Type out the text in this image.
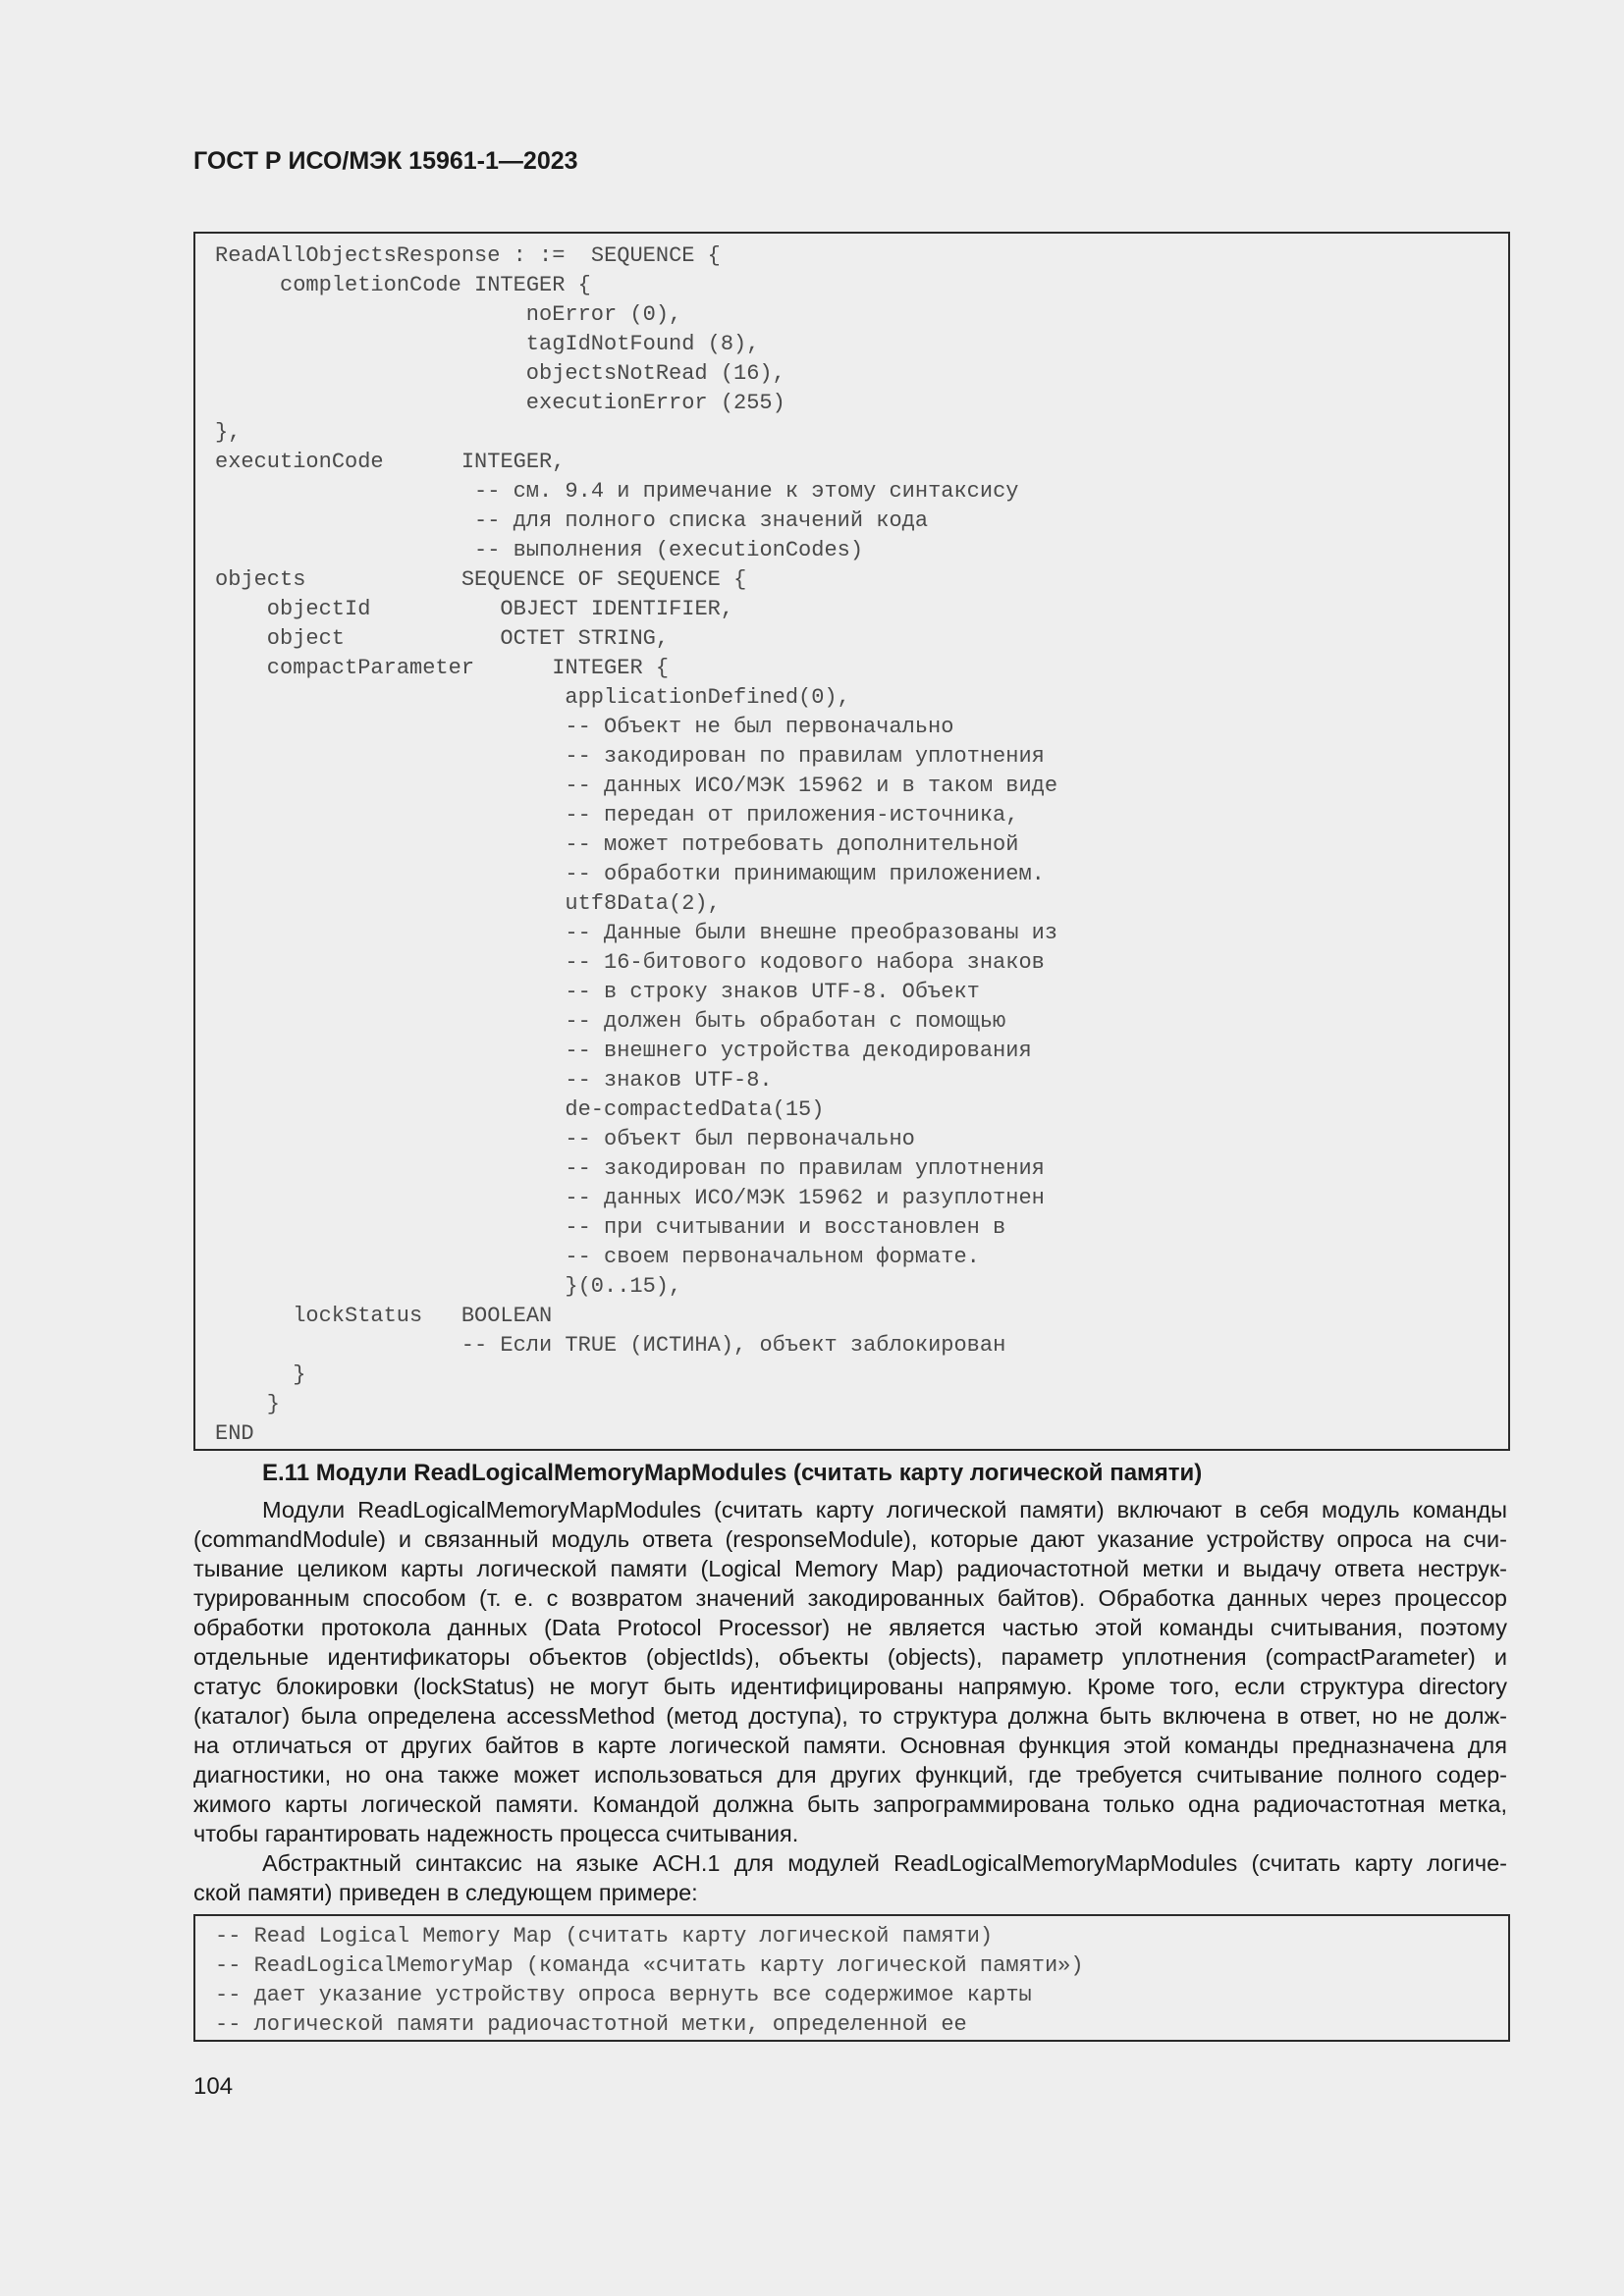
ГОСТ Р ИСО/МЭК 15961-1—2023
ReadAllObjectsResponse : :=  SEQUENCE {
completionCode INTEGER {
noError (0),
tagIdNotFound (8),
objectsNotRead (16),
executionError (255)
},
executionCode      INTEGER,
-- см. 9.4 и примечание к этому синтаксису
-- для полного списка значений кода
-- выполнения (executionCodes)
objects            SEQUENCE OF SEQUENCE {
objectId          OBJECT IDENTIFIER,
object            OCTET STRING,
compactParameter      INTEGER {
applicationDefined(0),
-- Объект не был первоначально
-- закодирован по правилам уплотнения
-- данных ИСО/МЭК 15962 и в таком виде
-- передан от приложения-источника,
-- может потребовать дополнительной
-- обработки принимающим приложением.
utf8Data(2),
-- Данные были внешне преобразованы из
-- 16-битового кодового набора знаков
-- в строку знаков UTF-8. Объект
-- должен быть обработан с помощью
-- внешнего устройства декодирования
-- знаков UTF-8.
de-compactedData(15)
-- объект был первоначально
-- закодирован по правилам уплотнения
-- данных ИСО/МЭК 15962 и разуплотнен
-- при считывании и восстановлен в
-- своем первоначальном формате.
}(0..15),
lockStatus   BOOLEAN
-- Если TRUE (ИСТИНА), объект заблокирован
}
}
END
E.11 Модули ReadLogicalMemoryMapModules (считать карту логической памяти)
Модули ReadLogicalMemoryMapModules (считать карту логической памяти) включают в себя модуль команды
(commandModule) и связанный модуль ответа (responseModule), которые дают указание устройству опроса на счи-
тывание целиком карты логической памяти (Logical Memory Map) радиочастотной метки и выдачу ответа неструк-
турированным способом (т. е. с возвратом значений закодированных байтов). Обработка данных через процессор
обработки протокола данных (Data Protocol Processor) не является частью этой команды считывания, поэтому
отдельные идентификаторы объектов (objectIds), объекты (objects), параметр уплотнения (compactParameter) и
статус блокировки (lockStatus) не могут быть идентифицированы напрямую. Кроме того, если структура directory
(каталог) была определена accessMethod (метод доступа), то структура должна быть включена в ответ, но не долж-
на отличаться от других байтов в карте логической памяти. Основная функция этой команды предназначена для
диагностики, но она также может использоваться для других функций, где требуется считывание полного содер-
жимого карты логической памяти. Командой должна быть запрограммирована только одна радиочастотная метка,
чтобы гарантировать надежность процесса считывания.
Абстрактный синтаксис на языке АСН.1 для модулей ReadLogicalMemoryMapModules (считать карту логиче-
ской памяти) приведен в следующем примере:
-- Read Logical Memory Map (считать карту логической памяти)
-- ReadLogicalMemoryMap (команда «считать карту логической памяти»)
-- дает указание устройству опроса вернуть все содержимое карты
-- логической памяти радиочастотной метки, определенной ее
104
